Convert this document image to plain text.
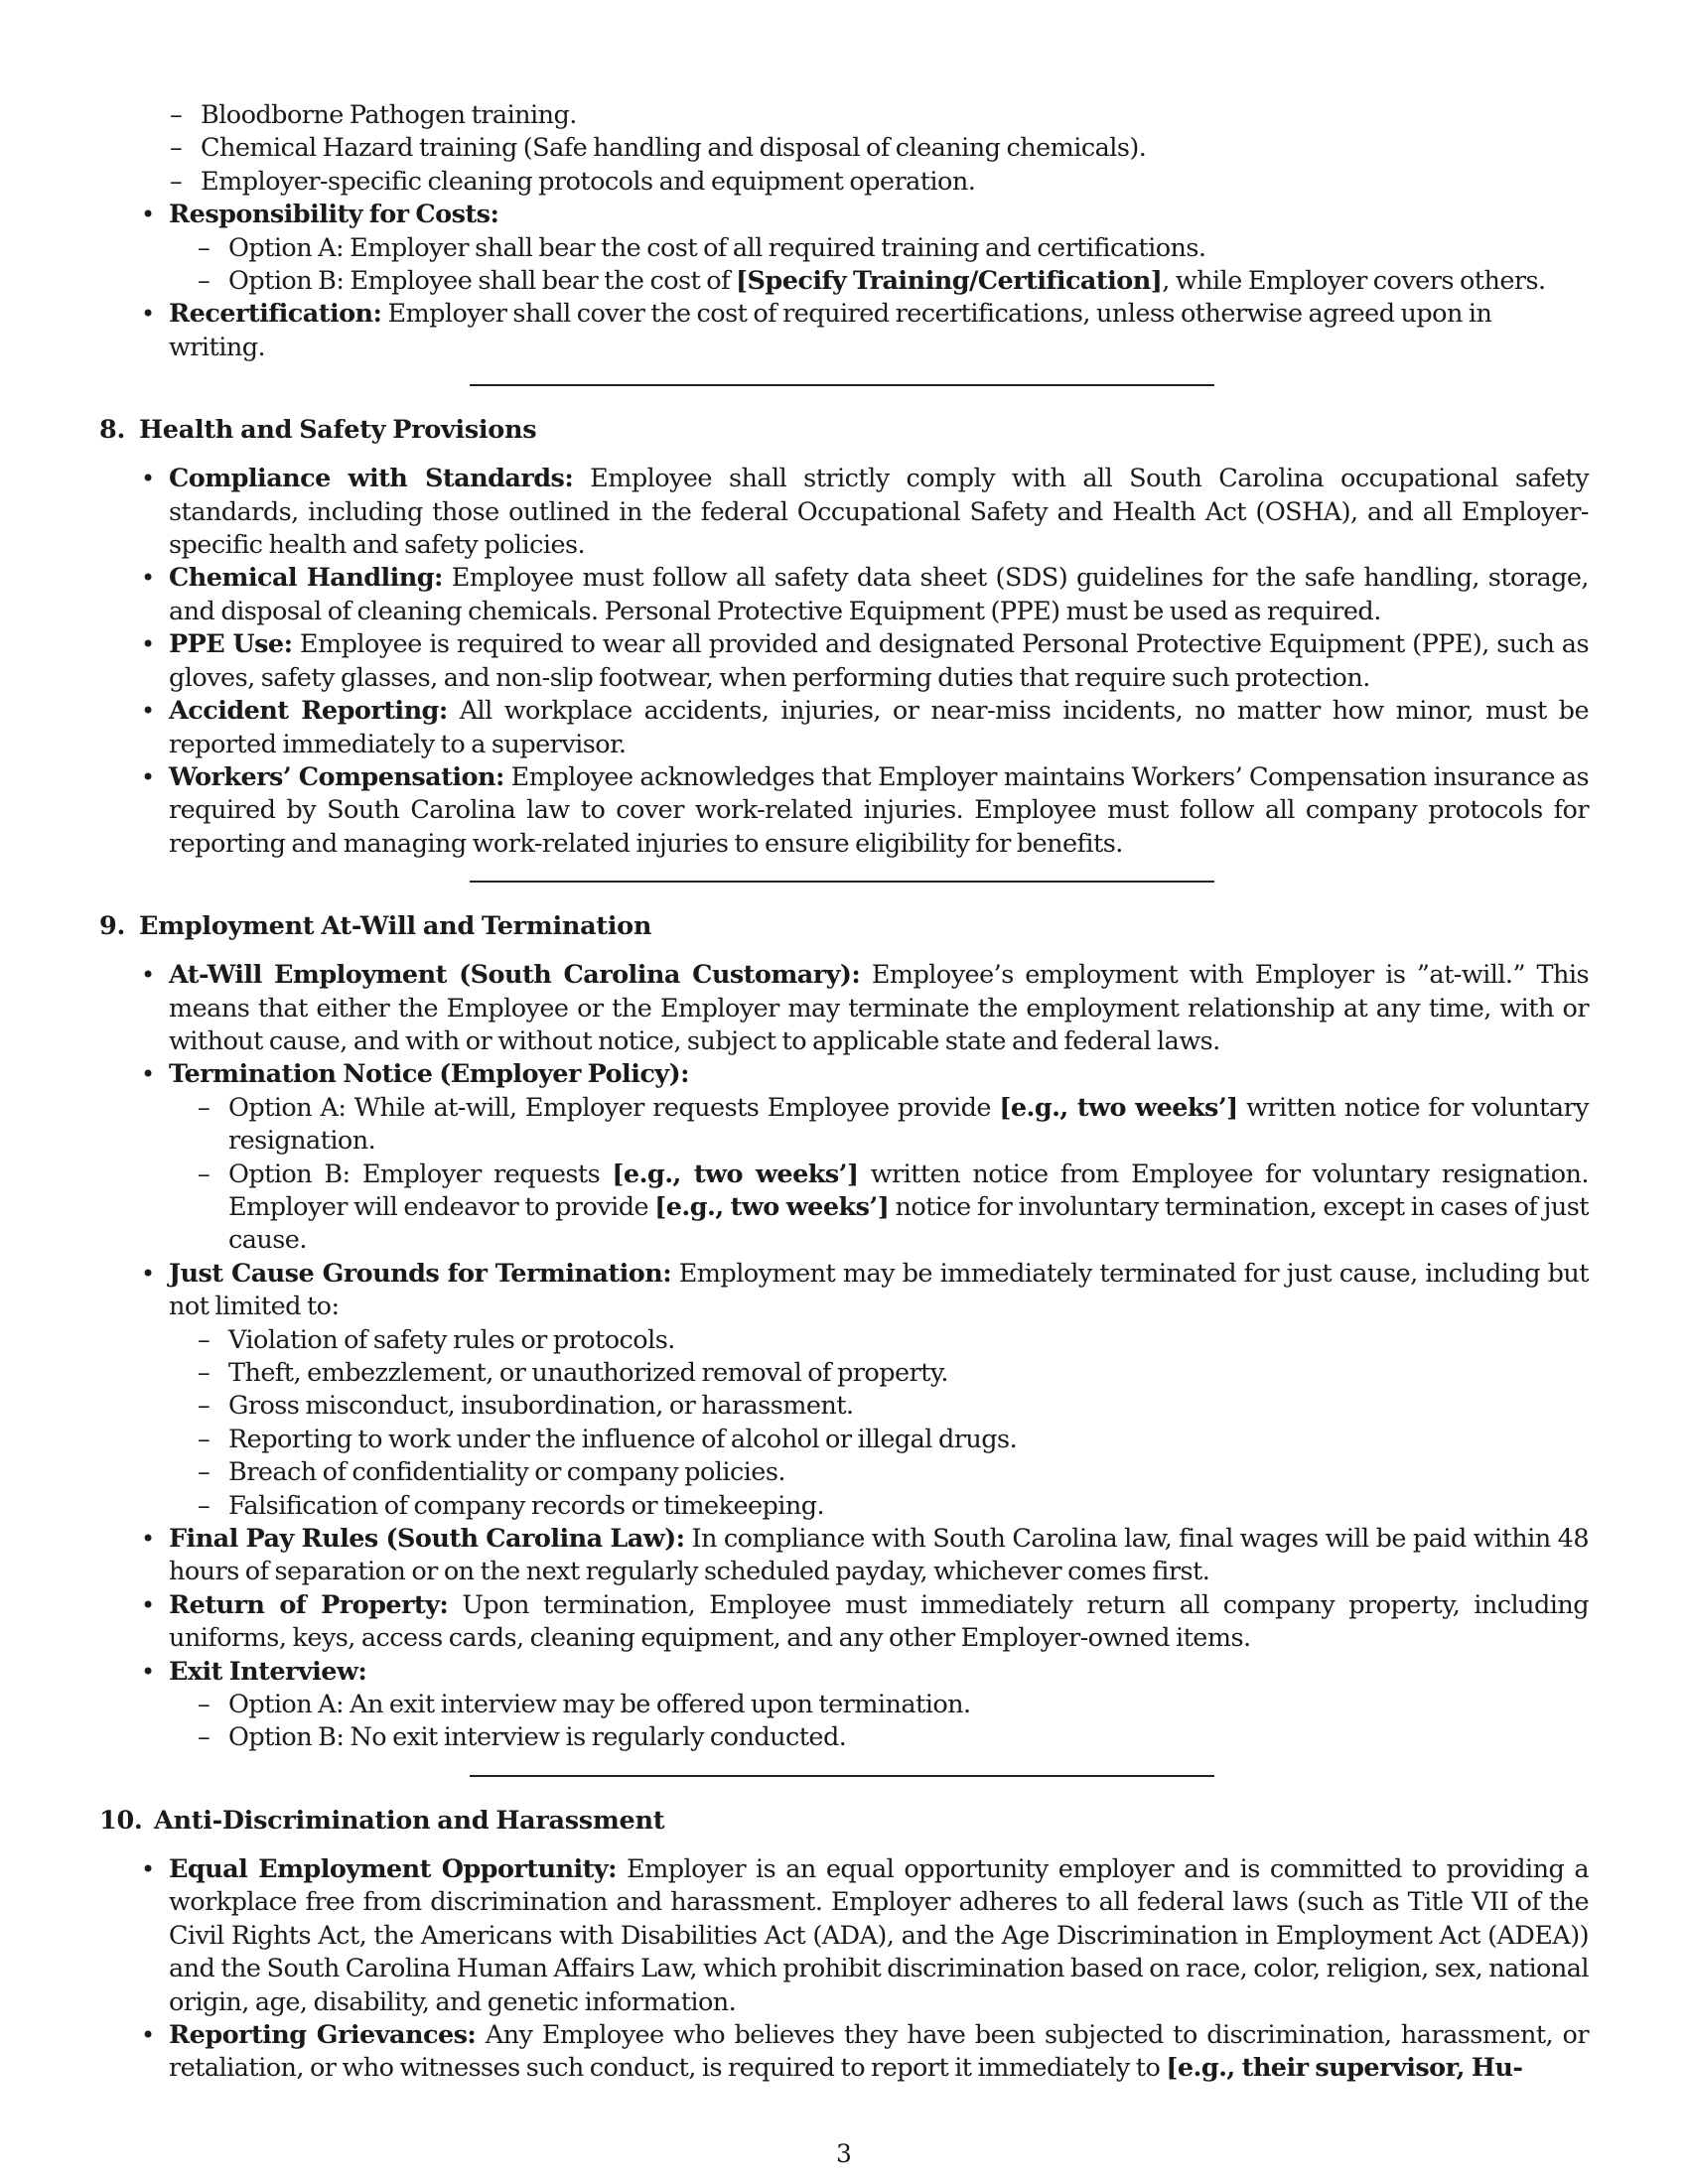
– Bloodborne Pathogen training.
– Chemical Hazard training (Safe handling and disposal of cleaning chemicals).
– Employer-specific cleaning protocols and equipment operation.
• Responsibility for Costs:
– Option A: Employer shall bear the cost of all required training and certifications.
– Option B: Employee shall bear the cost of [Specify Training/Certification], while Employer covers others.
• Recertification: Employer shall cover the cost of required recertifications, unless otherwise agreed upon in writing.
8. Health and Safety Provisions
• Compliance with Standards: Employee shall strictly comply with all South Carolina occupational safety standards, including those outlined in the federal Occupational Safety and Health Act (OSHA), and all Employer-specific health and safety policies.
• Chemical Handling: Employee must follow all safety data sheet (SDS) guidelines for the safe handling, storage, and disposal of cleaning chemicals. Personal Protective Equipment (PPE) must be used as required.
• PPE Use: Employee is required to wear all provided and designated Personal Protective Equipment (PPE), such as gloves, safety glasses, and non-slip footwear, when performing duties that require such protection.
• Accident Reporting: All workplace accidents, injuries, or near-miss incidents, no matter how minor, must be reported immediately to a supervisor.
• Workers’ Compensation: Employee acknowledges that Employer maintains Workers’ Compensation insurance as required by South Carolina law to cover work-related injuries. Employee must follow all company protocols for reporting and managing work-related injuries to ensure eligibility for benefits.
9. Employment At-Will and Termination
• At-Will Employment (South Carolina Customary): Employee’s employment with Employer is ”at-will.” This means that either the Employee or the Employer may terminate the employment relationship at any time, with or without cause, and with or without notice, subject to applicable state and federal laws.
• Termination Notice (Employer Policy):
– Option A: While at-will, Employer requests Employee provide [e.g., two weeks’] written notice for voluntary resignation.
– Option B: Employer requests [e.g., two weeks’] written notice from Employee for voluntary resignation. Employer will endeavor to provide [e.g., two weeks’] notice for involuntary termination, except in cases of just cause.
• Just Cause Grounds for Termination: Employment may be immediately terminated for just cause, including but not limited to:
– Violation of safety rules or protocols.
– Theft, embezzlement, or unauthorized removal of property.
– Gross misconduct, insubordination, or harassment.
– Reporting to work under the influence of alcohol or illegal drugs.
– Breach of confidentiality or company policies.
– Falsification of company records or timekeeping.
• Final Pay Rules (South Carolina Law): In compliance with South Carolina law, final wages will be paid within 48 hours of separation or on the next regularly scheduled payday, whichever comes first.
• Return of Property: Upon termination, Employee must immediately return all company property, including uniforms, keys, access cards, cleaning equipment, and any other Employer-owned items.
• Exit Interview:
– Option A: An exit interview may be offered upon termination.
– Option B: No exit interview is regularly conducted.
10. Anti-Discrimination and Harassment
• Equal Employment Opportunity: Employer is an equal opportunity employer and is committed to providing a workplace free from discrimination and harassment. Employer adheres to all federal laws (such as Title VII of the Civil Rights Act, the Americans with Disabilities Act (ADA), and the Age Discrimination in Employment Act (ADEA)) and the South Carolina Human Affairs Law, which prohibit discrimination based on race, color, religion, sex, national origin, age, disability, and genetic information.
• Reporting Grievances: Any Employee who believes they have been subjected to discrimination, harassment, or retaliation, or who witnesses such conduct, is required to report it immediately to [e.g., their supervisor, Hu-
3
